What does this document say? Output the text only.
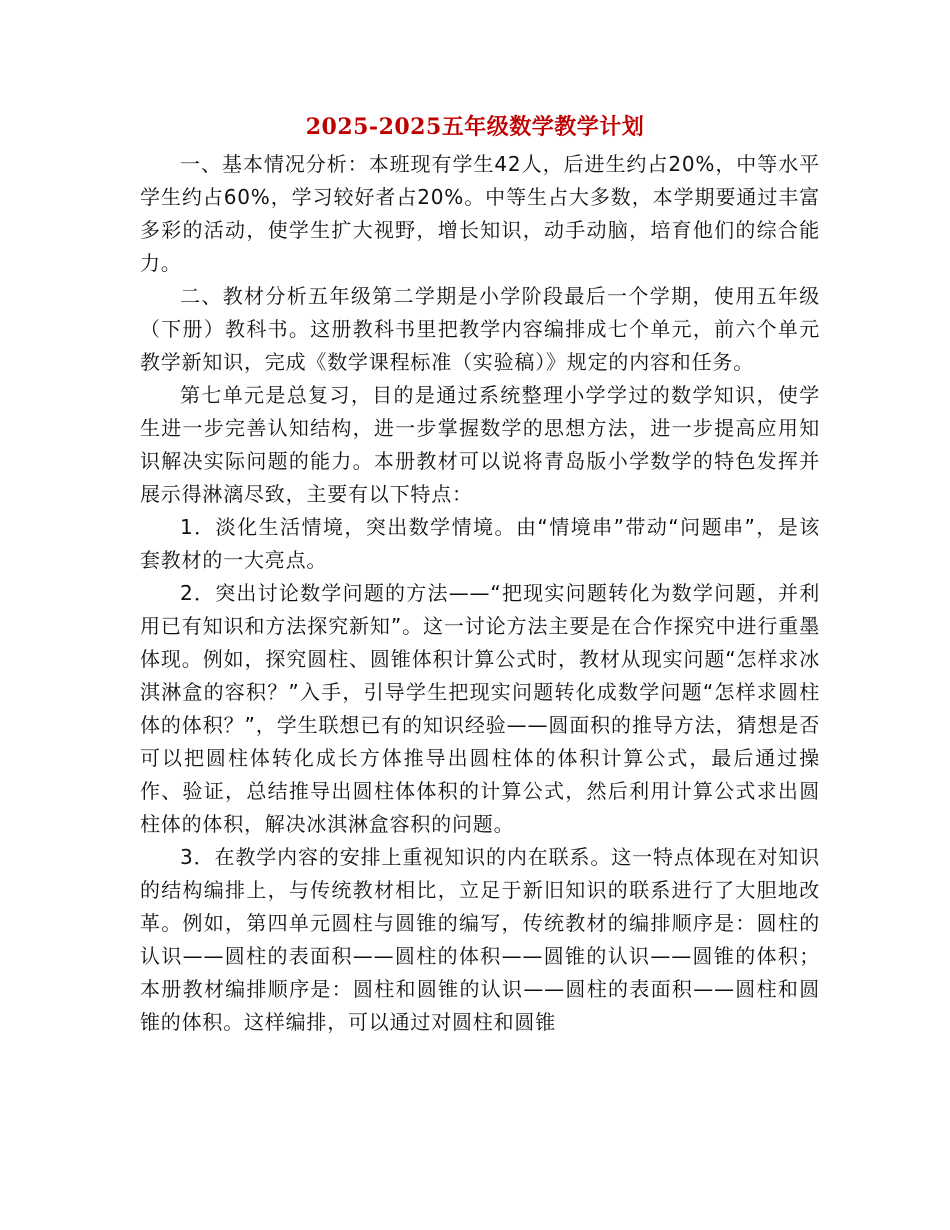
2025-2025五年级数学教学计划

一、基本情况分析：本班现有学生42人，后进生约占20%，中等水平学生约占60%，学习较好者占20%。中等生占大多数，本学期要通过丰富多彩的活动，使学生扩大视野，增长知识，动手动脑，培育他们的综合能力。

二、教材分析五年级第二学期是小学阶段最后一个学期，使用五年级（下册）教科书。这册教科书里把教学内容编排成七个单元，前六个单元教学新知识，完成《数学课程标准（实验稿）》规定的内容和任务。

第七单元是总复习，目的是通过系统整理小学学过的数学知识，使学生进一步完善认知结构，进一步掌握数学的思想方法，进一步提高应用知识解决实际问题的能力。本册教材可以说将青岛版小学数学的特色发挥并展示得淋漓尽致，主要有以下特点：

1．淡化生活情境，突出数学情境。由“情境串”带动“问题串”，是该套教材的一大亮点。

2．突出讨论数学问题的方法——“把现实问题转化为数学问题，并利用已有知识和方法探究新知”。这一讨论方法主要是在合作探究中进行重墨体现。例如，探究圆柱、圆锥体积计算公式时，教材从现实问题“怎样求冰淇淋盒的容积？”入手，引导学生把现实问题转化成数学问题“怎样求圆柱体的体积？”，学生联想已有的知识经验——圆面积的推导方法，猜想是否可以把圆柱体转化成长方体推导出圆柱体的体积计算公式，最后通过操作、验证，总结推导出圆柱体体积的计算公式，然后利用计算公式求出圆柱体的体积，解决冰淇淋盒容积的问题。

3．在教学内容的安排上重视知识的内在联系。这一特点体现在对知识的结构编排上，与传统教材相比，立足于新旧知识的联系进行了大胆地改革。例如，第四单元圆柱与圆锥的编写，传统教材的编排顺序是：圆柱的认识——圆柱的表面积——圆柱的体积——圆锥的认识——圆锥的体积；本册教材编排顺序是：圆柱和圆锥的认识——圆柱的表面积——圆柱和圆锥的体积。这样编排，可以通过对圆柱和圆锥
